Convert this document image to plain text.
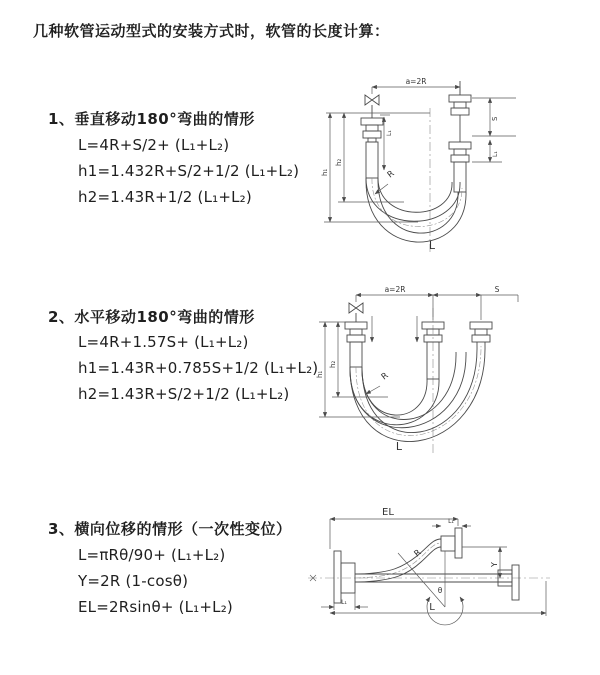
几种软管运动型式的安装方式时，软管的长度计算：
1、垂直移动180°弯曲的情形
L=4R+S/2+ (L₁+L₂)
h1=1.432R+S/2+1/2 (L₁+L₂)
h2=1.43R+1/2 (L₁+L₂)
2、水平移动180°弯曲的情形
L=4R+1.57S+ (L₁+L₂)
h1=1.43R+0.785S+1/2 (L₁+L₂)
h2=1.43R+S/2+1/2 (L₁+L₂)
3、横向位移的情形（一次性变位）
L=πRθ/90+ (L₁+L₂)
Y=2R (1-cosθ)
EL=2Rsinθ+ (L₁+L₂)
a=2R
L₁
S
L₁
h₁
h₂
R
L
a=2R	S
h₁
h₂
R
L
EL
L₁
Y
R
θ
L₁	L
